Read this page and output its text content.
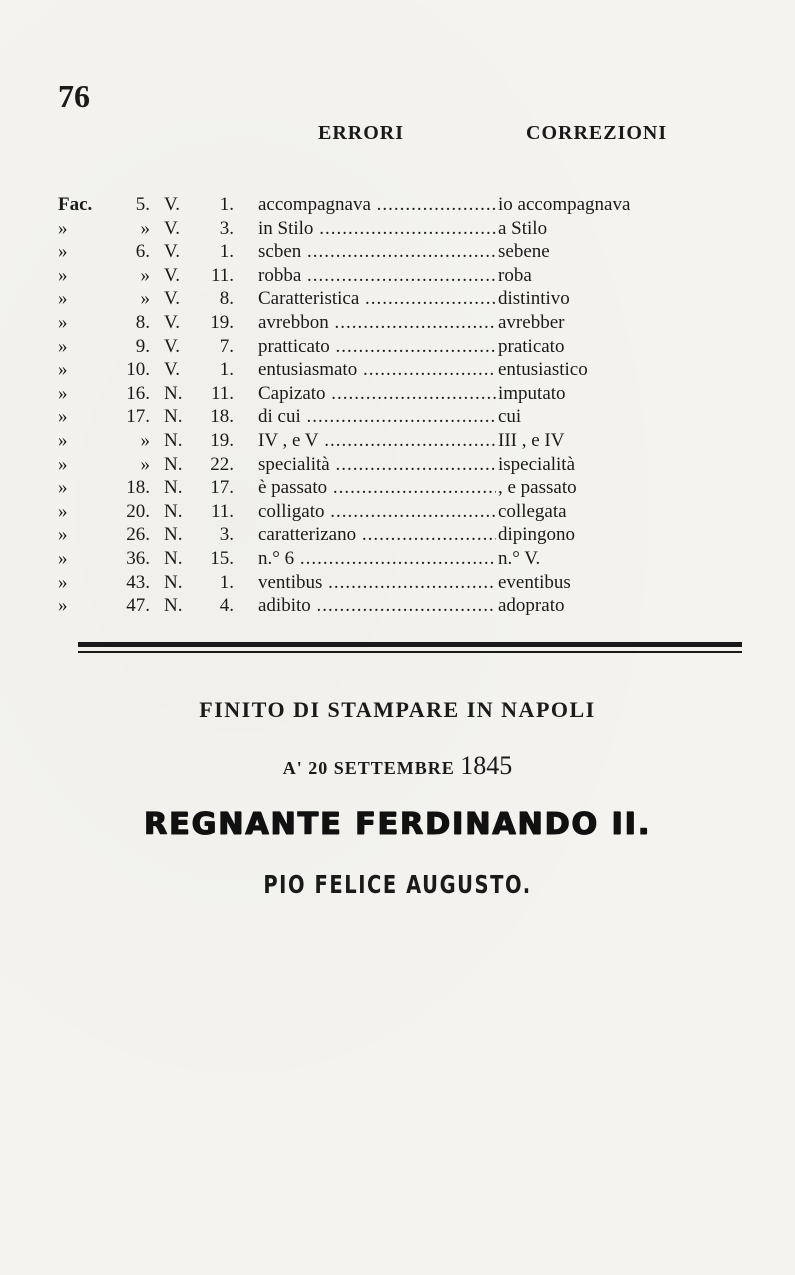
76
ERRORI	CORREZIONI
Fac.	5. V.	1. accompagnava .....	io accompagnava
»	» V.	3. in Stilo .....	a Stilo
»	6. V.	1. scben .....	sebene
»	» V.	11. robba .....	roba
»	» V.	8. Caratteristica .....	distintivo
»	8. V.	19. avrebbon .....	avrebber
»	9. V.	7. pratticato .....	praticato
»	10. V.	1. entusiasmato .....	entusiastico
»	16. N.	11. Capizato .....	imputato
»	17. N.	18. di cui .....	cui
»	» N.	19. IV , e V .....	III , e IV
»	» N.	22. specialità .....	ispecialità
»	18. N.	17. è passato .....	, e passato
»	20. N.	11. colligato .....	collegata
»	26. N.	3. caratterizano .....	dipingono
»	36. N.	15. n.° 6 .....	n.° V.
»	43. N.	1. ventibus .....	eventibus
»	47. N.	4. adibito .....	adoprato
FINITO DI STAMPARE IN NAPOLI
A' 20 SETTEMBRE 1845
REGNANTE FERDINANDO II.
PIO FELICE AUGUSTO.
